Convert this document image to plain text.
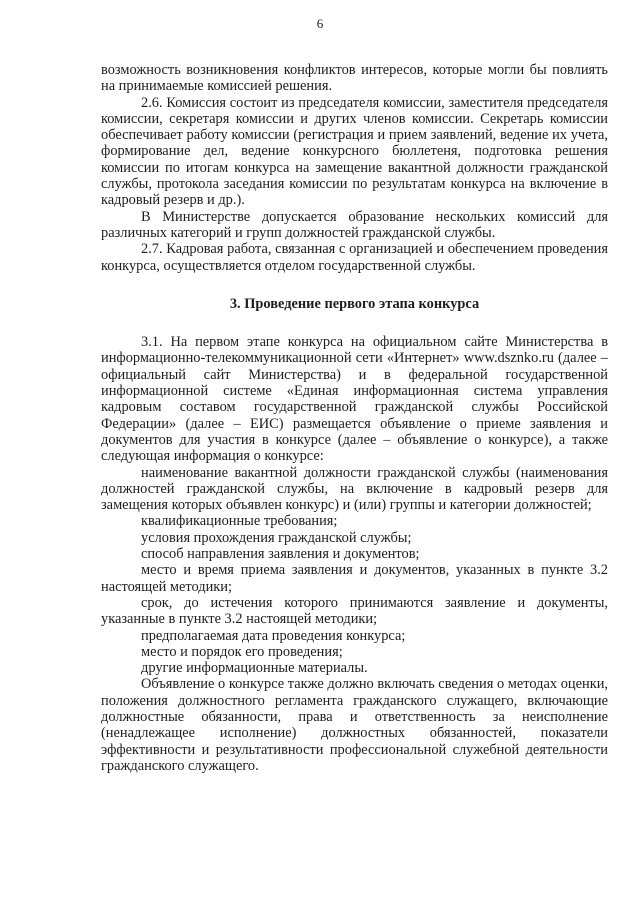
6

возможность возникновения конфликтов интересов, которые могли бы повлиять на принимаемые комиссией решения.

2.6. Комиссия состоит из председателя комиссии, заместителя председателя комиссии, секретаря комиссии и других членов комиссии. Секретарь комиссии обеспечивает работу комиссии (регистрация и прием заявлений, ведение их учета, формирование дел, ведение конкурсного бюллетеня, подготовка решения комиссии по итогам конкурса на замещение вакантной должности гражданской службы, протокола заседания комиссии по результатам конкурса на включение в кадровый резерв и др.).

В Министерстве допускается образование нескольких комиссий для различных категорий и групп должностей гражданской службы.

2.7. Кадровая работа, связанная с организацией и обеспечением проведения конкурса, осуществляется отделом государственной службы.

3. Проведение первого этапа конкурса

3.1. На первом этапе конкурса на официальном сайте Министерства в информационно-телекоммуникационной сети «Интернет» www.dsznko.ru (далее – официальный сайт Министерства) и в федеральной государственной информационной системе «Единая информационная система управления кадровым составом государственной гражданской службы Российской Федерации» (далее – ЕИС) размещается объявление о приеме заявления и документов для участия в конкурсе (далее – объявление о конкурсе), а также следующая информация о конкурсе:

наименование вакантной должности гражданской службы (наименования должностей гражданской службы, на включение в кадровый резерв для замещения которых объявлен конкурс) и (или) группы и категории должностей;

квалификационные требования;

условия прохождения гражданской службы;

способ направления заявления и документов;

место и время приема заявления и документов, указанных в пункте 3.2 настоящей методики;

срок, до истечения которого принимаются заявление и документы, указанные в пункте 3.2 настоящей методики;

предполагаемая дата проведения конкурса;

место и порядок его проведения;

другие информационные материалы.

Объявление о конкурсе также должно включать сведения о методах оценки, положения должностного регламента гражданского служащего, включающие должностные обязанности, права и ответственность за неисполнение (ненадлежащее исполнение) должностных обязанностей, показатели эффективности и результативности профессиональной служебной деятельности гражданского служащего.
